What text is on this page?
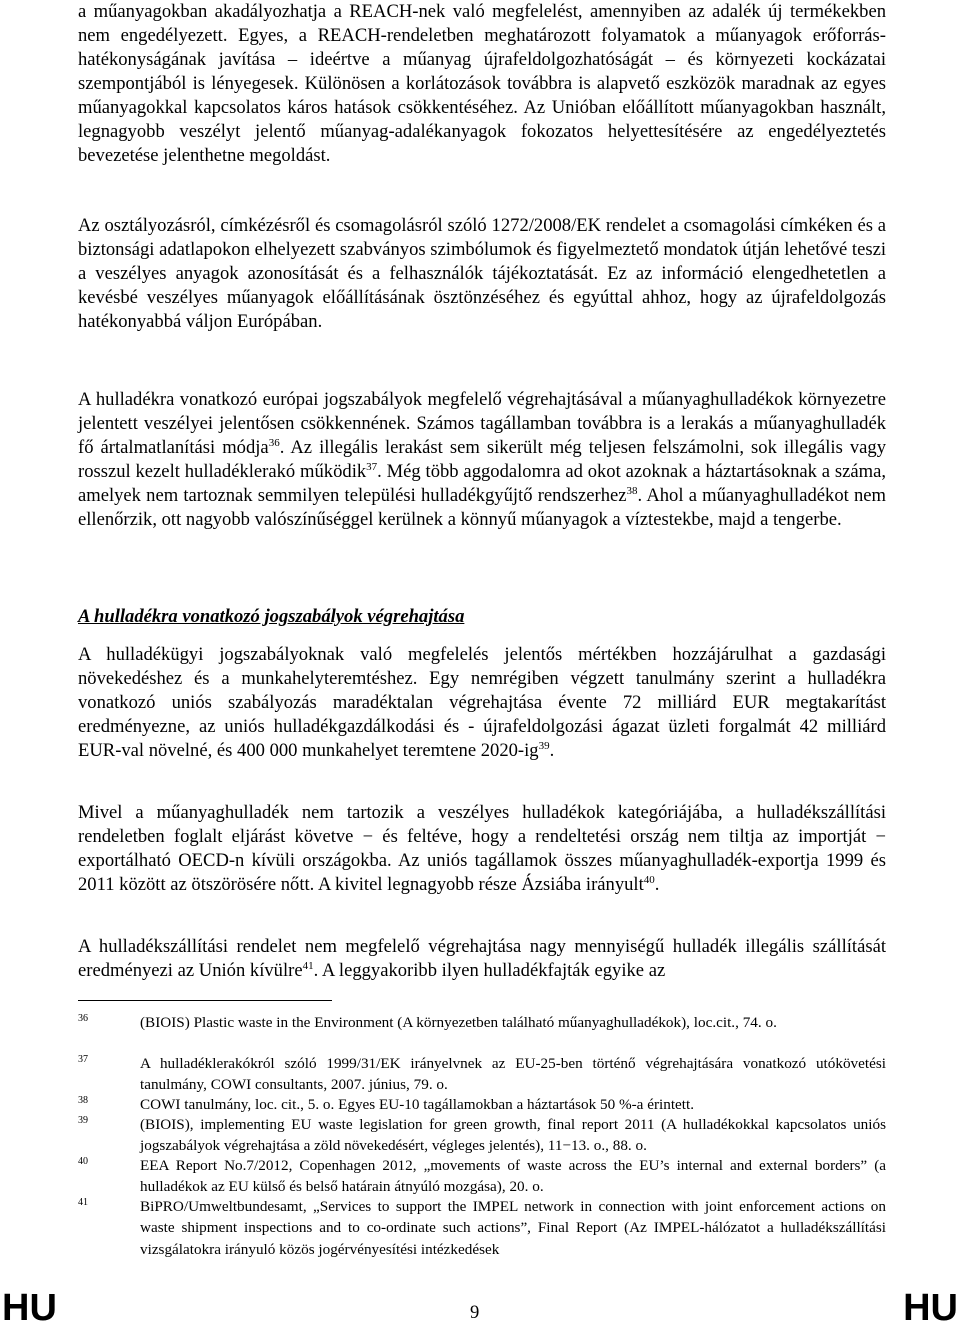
a műanyagokban akadályozhatja a REACH-nek való megfelelést, amennyiben az adalék új termékekben nem engedélyezett. Egyes, a REACH-rendeletben meghatározott folyamatok a műanyagok erőforrás-hatékonyságának javítása – ideértve a műanyag újrafeldolgozhatóságát – és környezeti kockázatai szempontjából is lényegesek. Különösen a korlátozások továbbra is alapvető eszközök maradnak az egyes műanyagokkal kapcsolatos káros hatások csökkentéséhez. Az Unióban előállított műanyagokban használt, legnagyobb veszélyt jelentő műanyag-adalékanyagok fokozatos helyettesítésére az engedélyeztetés bevezetése jelenthetne megoldást.

Az osztályozásról, címkézésről és csomagolásról szóló 1272/2008/EK rendelet a csomagolási címkéken és a biztonsági adatlapokon elhelyezett szabványos szimbólumok és figyelmeztető mondatok útján lehetővé teszi a veszélyes anyagok azonosítását és a felhasználók tájékoztatását. Ez az információ elengedhetetlen a kevésbé veszélyes műanyagok előállításának ösztönzéséhez és egyúttal ahhoz, hogy az újrafeldolgozás hatékonyabbá váljon Európában.

A hulladékra vonatkozó európai jogszabályok megfelelő végrehajtásával a műanyaghulladékok környezetre jelentett veszélyei jelentősen csökkennének. Számos tagállamban továbbra is a lerakás a műanyaghulladék fő ártalmatlanítási módja$^{36}$. Az illegális lerakást sem sikerült még teljesen felszámolni, sok illegális vagy rosszul kezelt hulladéklerakó működik$^{37}$. Még több aggodalomra ad okot azoknak a háztartásoknak a száma, amelyek nem tartoznak semmilyen települési hulladékgyűjtő rendszerhez$^{38}$. Ahol a műanyaghulladékot nem ellenőrzik, ott nagyobb valószínűséggel kerülnek a könnyű műanyagok a víztestekbe, majd a tengerbe.

A hulladékra vonatkozó jogszabályok végrehajtása

A hulladékügyi jogszabályoknak való megfelelés jelentős mértékben hozzájárulhat a gazdasági növekedéshez és a munkahelyteremtéshez. Egy nemrégiben végzett tanulmány szerint a hulladékra vonatkozó uniós szabályozás maradéktalan végrehajtása évente 72 milliárd EUR megtakarítást eredményezne, az uniós hulladékgazdálkodási és - újrafeldolgozási ágazat üzleti forgalmát 42 milliárd EUR-val növelné, és 400 000 munkahelyet teremtene $2020-ig^{39}$.

Mivel a műanyaghulladék nem tartozik a veszélyes hulladékok kategóriájába, a hulladékszállítási rendeletben foglalt eljárást követve − és feltéve, hogy a rendeltetési ország nem tiltja az importját − exportálható OECD-n kívüli országokba. Az uniós tagállamok összes műanyaghulladék-exportja 1999 és 2011 között az ötszörösére nőtt. A kivitel legnagyobb része Ázsiába irányult$^{40}$.

A hulladékszállítási rendelet nem megfelelő végrehajtása nagy mennyiségű hulladék illegális szállítását eredményezi az Unión kívülre$^{41}$. A leggyakoribb ilyen hulladékfajták egyike az

36	(BIOIS) Plastic waste in the Environment (A környezetben található műanyaghulladékok), loc.cit., 74. o.
37	A hulladéklerakókról szóló 1999/31/EK irányelvnek az EU-25-ben történő végrehajtására vonatkozó utókövetési tanulmány, COWI consultants, 2007. június, 79. o.
38	COWI tanulmány, loc. cit., 5. o. Egyes EU-10 tagállamokban a háztartások 50 %-a érintett.
39	(BIOIS), implementing EU waste legislation for green growth, final report 2011 (A hulladékokkal kapcsolatos uniós jogszabályok végrehajtása a zöld növekedésért, végleges jelentés), 11−13. o., 88. o.
40	EEA Report No.7/2012, Copenhagen 2012, „movements of waste across the EU’s internal and external borders” (a hulladékok az EU külső és belső határain átnyúló mozgása), 20. o.
41	BiPRO/Umweltbundesamt, „Services to support the IMPEL network in connection with joint enforcement actions on waste shipment inspections and to co-ordinate such actions”, Final Report (Az IMPEL-hálózatot a hulladékszállítási vizsgálatokra irányuló közös jogérvényesítési intézkedések
HU	9	HU
